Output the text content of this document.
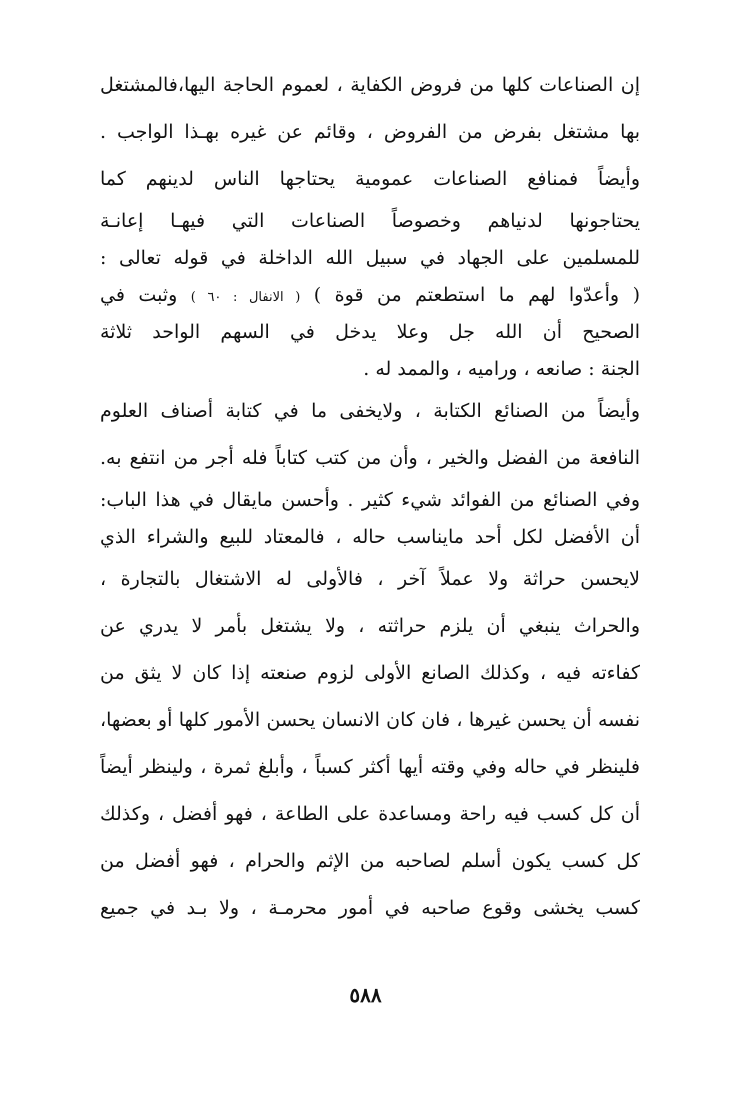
إن الصناعات كلها من فروض الكفاية ، لعموم الحاجة اليها،فالمشتغل
بها مشتغل بفرض من الفروض ، وقائم عن غيره بهـذا الواجب .
وأيضاً فمنافع الصناعات عمومية يحتاجها الناس لدينهم كما
يحتاجونها لدنياهم وخصوصاً الصناعات التي فيهـا إعانـة
للمسلمين على الجهاد في سبيل الله الداخلة في قوله تعالى :
( وأعدّوا لهم ما استطعتم من قوة ) ( الانفال : ٦٠ ) وثبت في
الصحيح أن الله جل وعلا يدخل في السهم الواحد ثلاثة
الجنة : صانعه ، وراميه ، والممد له .
وأيضاً من الصنائع الكتابة ، ولايخفى ما في كتابة أصناف العلوم
النافعة من الفضل والخير ، وأن من كتب كتاباً فله أجر من انتفع به.
وفي الصنائع من الفوائد شيء كثير . وأحسن مايقال في هذا الباب:
أن الأفضل لكل أحد مايناسب حاله ، فالمعتاد للبيع والشراء الذي
لايحسن حراثة ولا عملاً آخر ، فالأولى له الاشتغال بالتجارة ،
والحراث ينبغي أن يلزم حراثته ، ولا يشتغل بأمر لا يدري عن
كفاءته فيه ، وكذلك الصانع الأولى لزوم صنعته إذا كان لا يثق من
نفسه أن يحسن غيرها ، فان كان الانسان يحسن الأمور كلها أو بعضها،
فلينظر في حاله وفي وقته أيها أكثر كسباً ، وأبلغ ثمرة ، ولينظر أيضاً
أن كل كسب فيه راحة ومساعدة على الطاعة ، فهو أفضل ، وكذلك
كل كسب يكون أسلم لصاحبه من الإثم والحرام ، فهو أفضل من
كسب يخشى وقوع صاحبه في أمور محرمـة ، ولا بـد في جميع
٥٨٨
